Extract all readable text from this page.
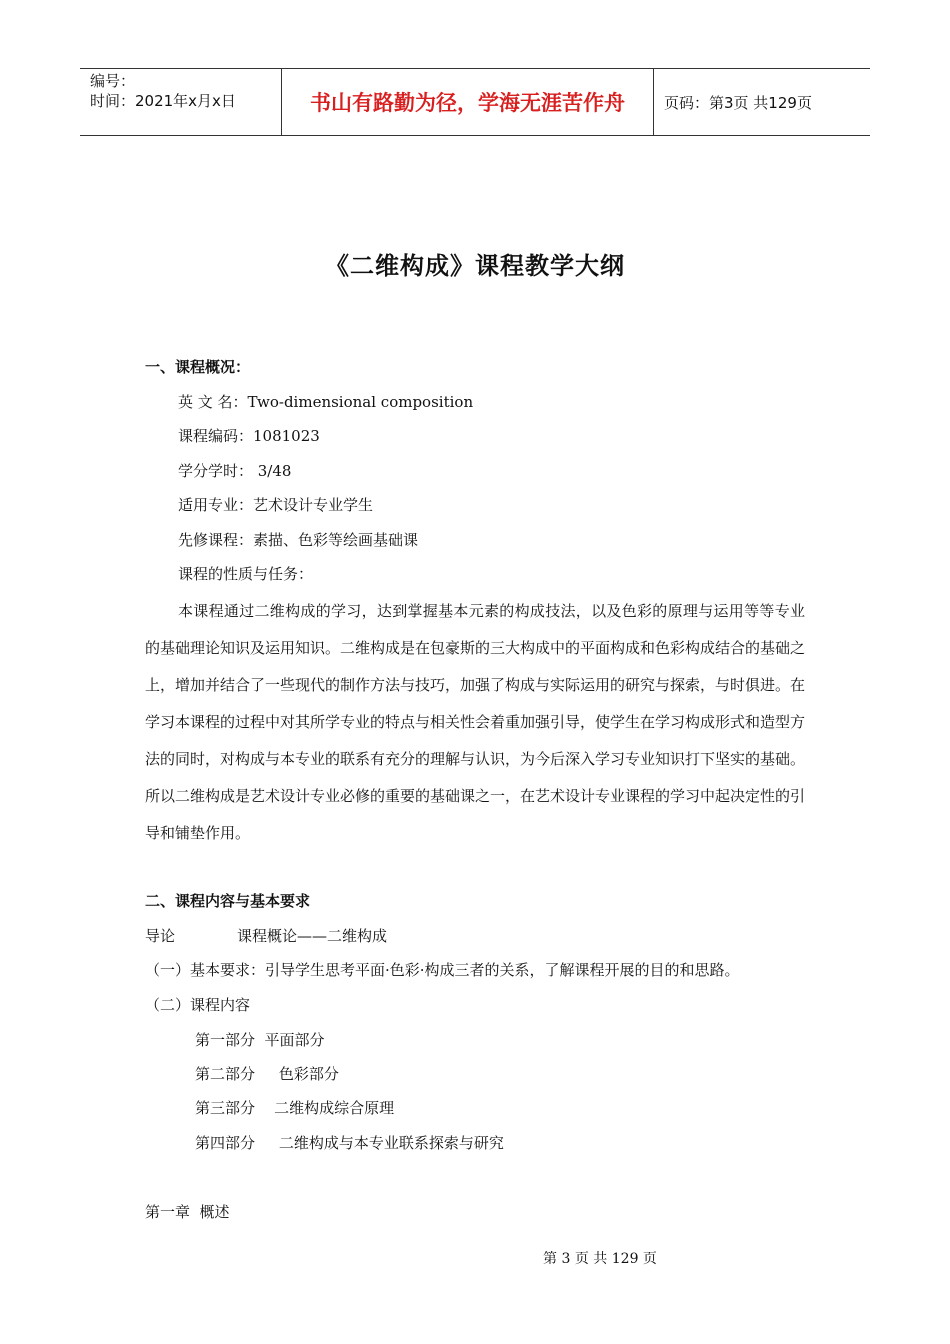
编号：
时间：2021年x月x日	书山有路勤为径，学海无涯苦作舟	页码：第3页 共129页
《二维构成》课程教学大纲
一、课程概况：
英 文 名：Two-dimensional composition
课程编码：1081023
学分学时： 3/48
适用专业：艺术设计专业学生
先修课程：素描、色彩等绘画基础课
课程的性质与任务：
本课程通过二维构成的学习，达到掌握基本元素的构成技法，以及色彩的原理与运用等等专业的基础理论知识及运用知识。二维构成是在包豪斯的三大构成中的平面构成和色彩构成结合的基础之上，增加并结合了一些现代的制作方法与技巧，加强了构成与实际运用的研究与探索，与时俱进。在学习本课程的过程中对其所学专业的特点与相关性会着重加强引导，使学生在学习构成形式和造型方法的同时，对构成与本专业的联系有充分的理解与认识，为今后深入学习专业知识打下坚实的基础。所以二维构成是艺术设计专业必修的重要的基础课之一，在艺术设计专业课程的学习中起决定性的引导和铺垫作用。
二、课程内容与基本要求
导论	课程概论——二维构成
（一）基本要求：引导学生思考平面·色彩·构成三者的关系，了解课程开展的目的和思路。
（二）课程内容
第一部分  平面部分
第二部分     色彩部分
第三部分    二维构成综合原理
第四部分     二维构成与本专业联系探索与研究
第一章  概述
第 3 页 共 129 页
